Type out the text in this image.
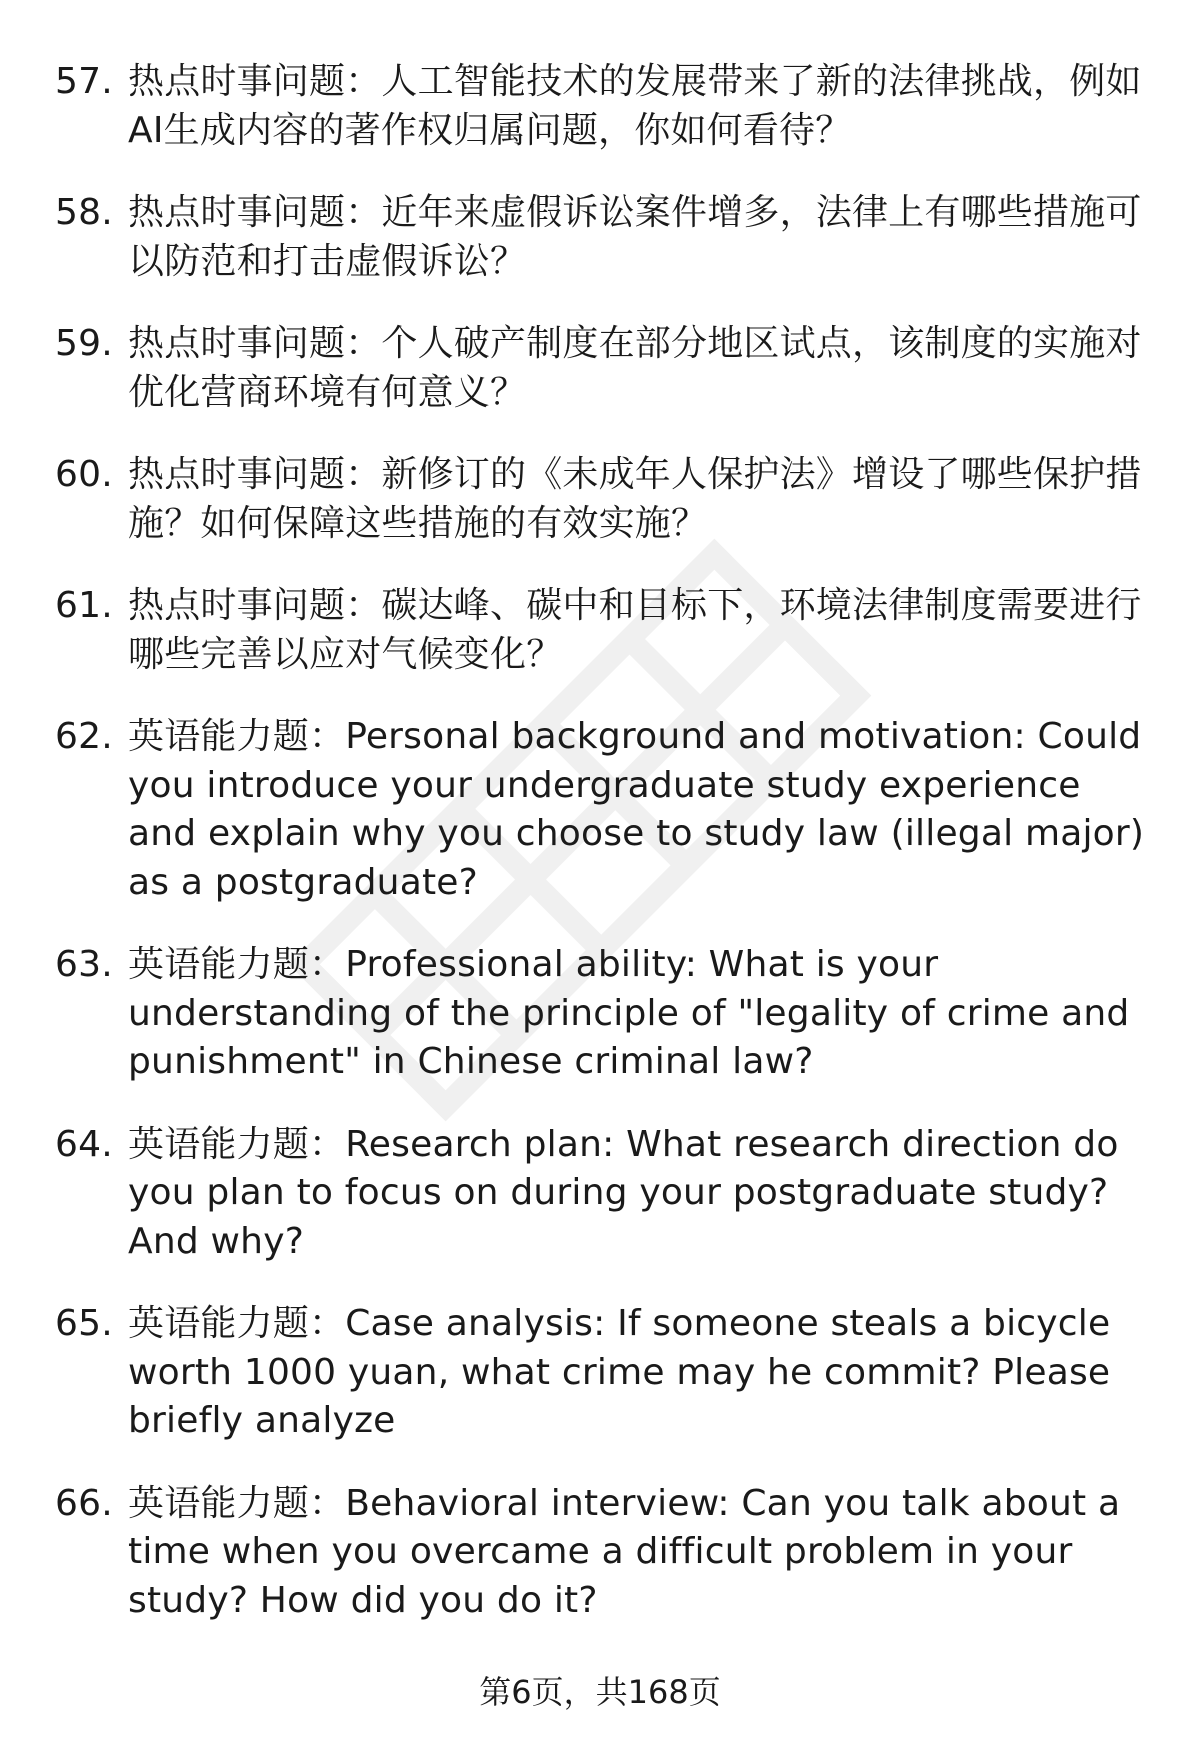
57. 热点时事问题：人工智能技术的发展带来了新的法律挑战，例如AI生成内容的著作权归属问题，你如何看待？
58. 热点时事问题：近年来虚假诉讼案件增多，法律上有哪些措施可以防范和打击虚假诉讼？
59. 热点时事问题：个人破产制度在部分地区试点，该制度的实施对优化营商环境有何意义？
60. 热点时事问题：新修订的《未成年人保护法》增设了哪些保护措施？如何保障这些措施的有效实施？
61. 热点时事问题：碳达峰、碳中和目标下，环境法律制度需要进行哪些完善以应对气候变化？
62. 英语能力题：Personal background and motivation: Could you introduce your undergraduate study experience and explain why you choose to study law (illegal major) as a postgraduate?
63. 英语能力题：Professional ability: What is your understanding of the principle of "legality of crime and punishment" in Chinese criminal law?
64. 英语能力题：Research plan: What research direction do you plan to focus on during your postgraduate study? And why?
65. 英语能力题：Case analysis: If someone steals a bicycle worth 1000 yuan, what crime may he commit? Please briefly analyze
66. 英语能力题：Behavioral interview: Can you talk about a time when you overcame a difficult problem in your study? How did you do it?
第6页，共168页
